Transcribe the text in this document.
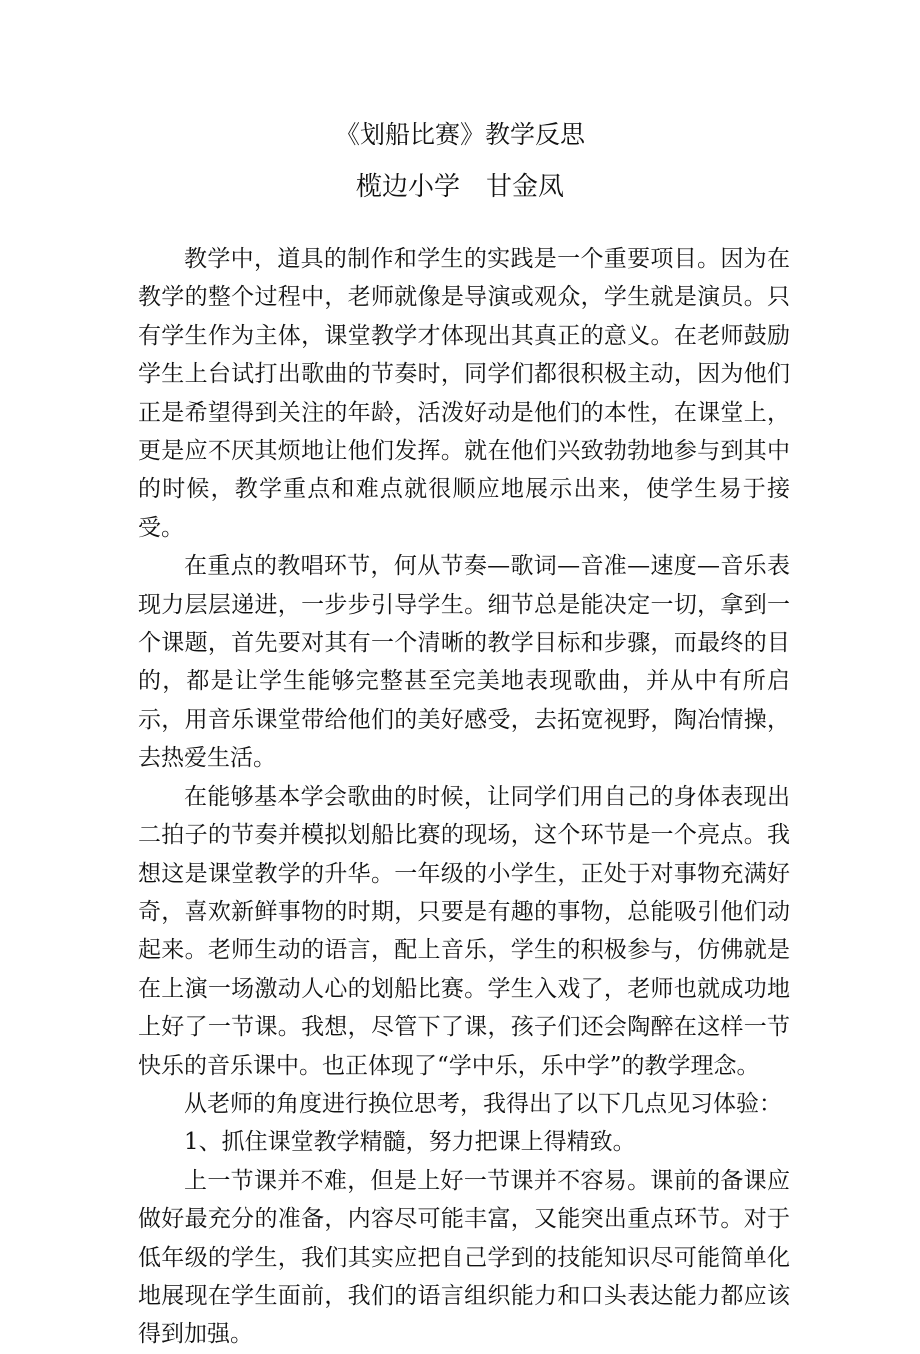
《划船比赛》教学反思
榄边小学　甘金凤

教学中，道具的制作和学生的实践是一个重要项目。因为在教学的整个过程中，老师就像是导演或观众，学生就是演员。只有学生作为主体，课堂教学才体现出其真正的意义。在老师鼓励学生上台试打出歌曲的节奏时，同学们都很积极主动，因为他们正是希望得到关注的年龄，活泼好动是他们的本性，在课堂上，更是应不厌其烦地让他们发挥。就在他们兴致勃勃地参与到其中的时候，教学重点和难点就很顺应地展示出来，使学生易于接受。

在重点的教唱环节，何从节奏—歌词—音准—速度—音乐表现力层层递进，一步步引导学生。细节总是能决定一切，拿到一个课题，首先要对其有一个清晰的教学目标和步骤，而最终的目的，都是让学生能够完整甚至完美地表现歌曲，并从中有所启示，用音乐课堂带给他们的美好感受，去拓宽视野，陶冶情操，去热爱生活。

在能够基本学会歌曲的时候，让同学们用自己的身体表现出二拍子的节奏并模拟划船比赛的现场，这个环节是一个亮点。我想这是课堂教学的升华。一年级的小学生，正处于对事物充满好奇，喜欢新鲜事物的时期，只要是有趣的事物，总能吸引他们动起来。老师生动的语言，配上音乐，学生的积极参与，仿佛就是在上演一场激动人心的划船比赛。学生入戏了，老师也就成功地上好了一节课。我想，尽管下了课，孩子们还会陶醉在这样一节快乐的音乐课中。也正体现了“学中乐，乐中学”的教学理念。

从老师的角度进行换位思考，我得出了以下几点见习体验：

1、抓住课堂教学精髓，努力把课上得精致。

上一节课并不难，但是上好一节课并不容易。课前的备课应做好最充分的准备，内容尽可能丰富，又能突出重点环节。对于低年级的学生，我们其实应把自己学到的技能知识尽可能简单化地展现在学生面前，我们的语言组织能力和口头表达能力都应该得到加强。
